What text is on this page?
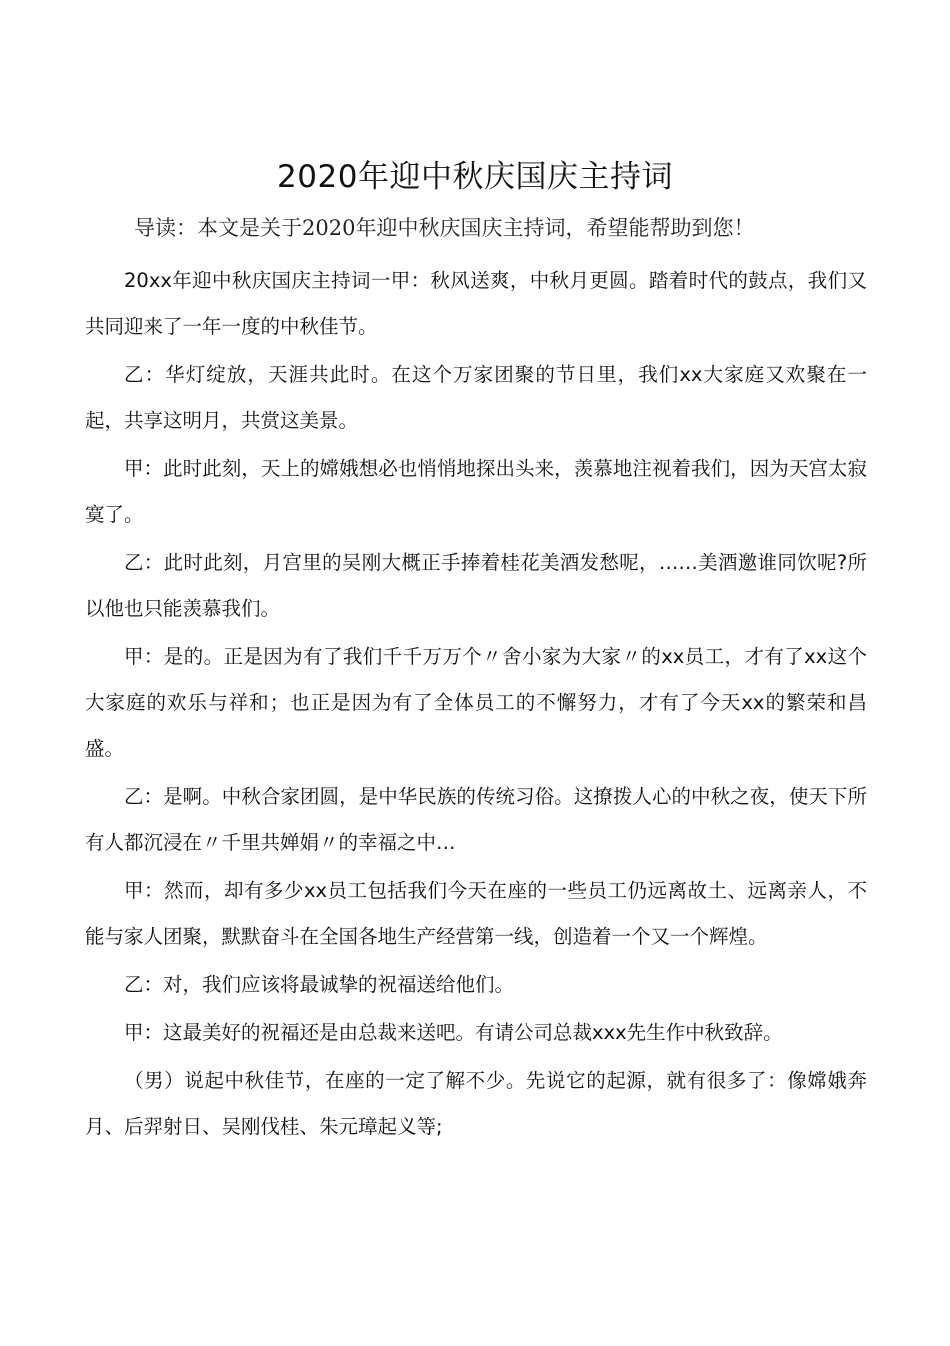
2020年迎中秋庆国庆主持词
导读：本文是关于2020年迎中秋庆国庆主持词，希望能帮助到您！

20xx年迎中秋庆国庆主持词一甲：秋风送爽，中秋月更圆。踏着时代的鼓点，我们又共同迎来了一年一度的中秋佳节。

乙：华灯绽放，天涯共此时。在这个万家团聚的节日里，我们xx大家庭又欢聚在一起，共享这明月，共赏这美景。

甲：此时此刻，天上的嫦娥想必也悄悄地探出头来，羡慕地注视着我们，因为天宫太寂寞了。

乙：此时此刻，月宫里的吴刚大概正手捧着桂花美酒发愁呢，……美酒邀谁同饮呢?所以他也只能羡慕我们。

甲：是的。正是因为有了我们千千万万个〃舍小家为大家〃的xx员工，才有了xx这个大家庭的欢乐与祥和；也正是因为有了全体员工的不懈努力，才有了今天xx的繁荣和昌盛。

乙：是啊。中秋合家团圆，是中华民族的传统习俗。这撩拨人心的中秋之夜，使天下所有人都沉浸在〃千里共婵娟〃的幸福之中…

甲：然而，却有多少xx员工包括我们今天在座的一些员工仍远离故土、远离亲人，不能与家人团聚，默默奋斗在全国各地生产经营第一线，创造着一个又一个辉煌。

乙：对，我们应该将最诚挚的祝福送给他们。

甲：这最美好的祝福还是由总裁来送吧。有请公司总裁xxx先生作中秋致辞。

（男）说起中秋佳节，在座的一定了解不少。先说它的起源，就有很多了：像嫦娥奔月、后羿射日、吴刚伐桂、朱元璋起义等;
